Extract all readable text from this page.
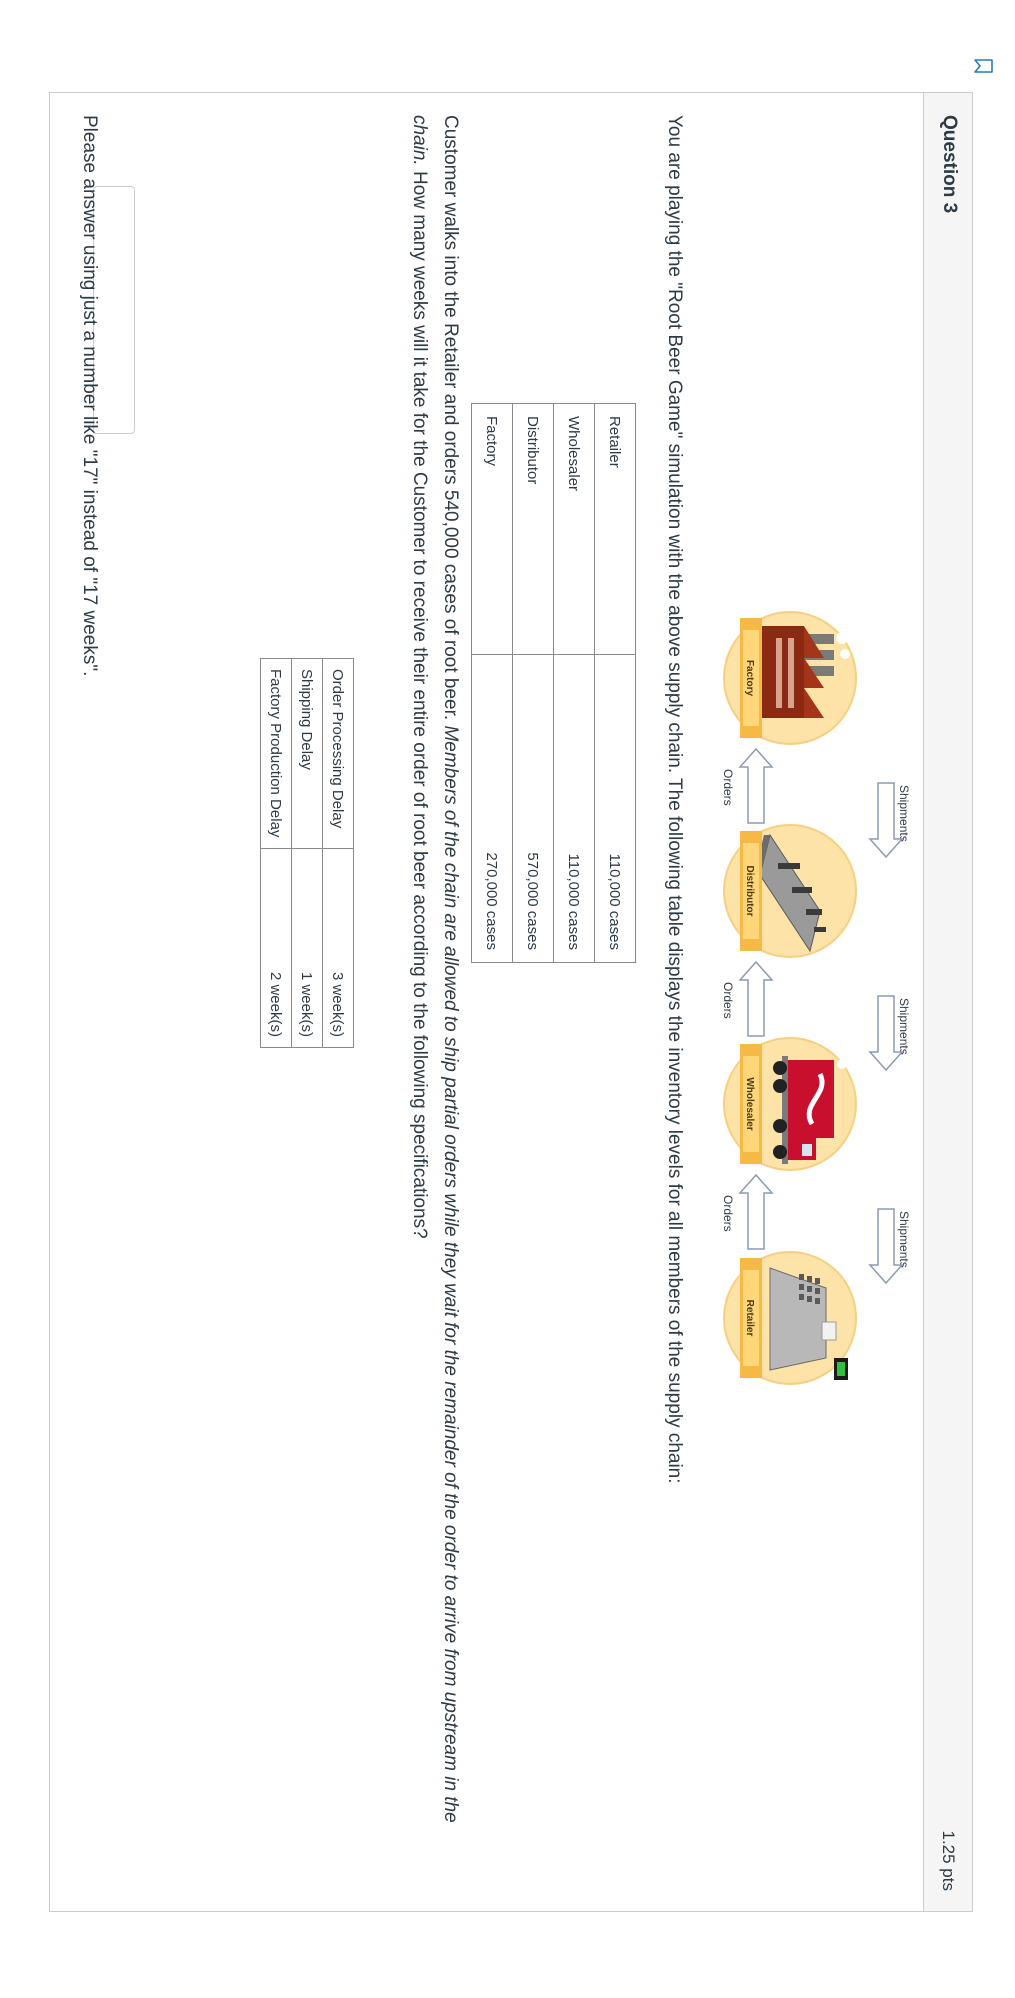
Question 3
1.25 pts
Factory
Distributor
Wholesaler
Retailer
Shipments
Shipments
Shipments
Orders
Orders
Orders
You are playing the "Root Beer Game" simulation with the above supply chain. The following table displays the inventory levels for all members of the supply chain:
Retailer	110,000 cases
Wholesaler	110,000 cases
Distributor	570,000 cases
Factory	270,000 cases
Customer walks into the Retailer and orders 540,000 cases of root beer. Members of the chain are allowed to ship partial orders while they wait for the remainder of the order to arrive from upstream in the chain. How many weeks will it take for the Customer to receive their entire order of root beer according to the following specifications?
Order Processing Delay	3 week(s)
Shipping Delay	1 week(s)
Factory Production Delay	2 week(s)
Please answer using just a number like "17" instead of "17 weeks".
